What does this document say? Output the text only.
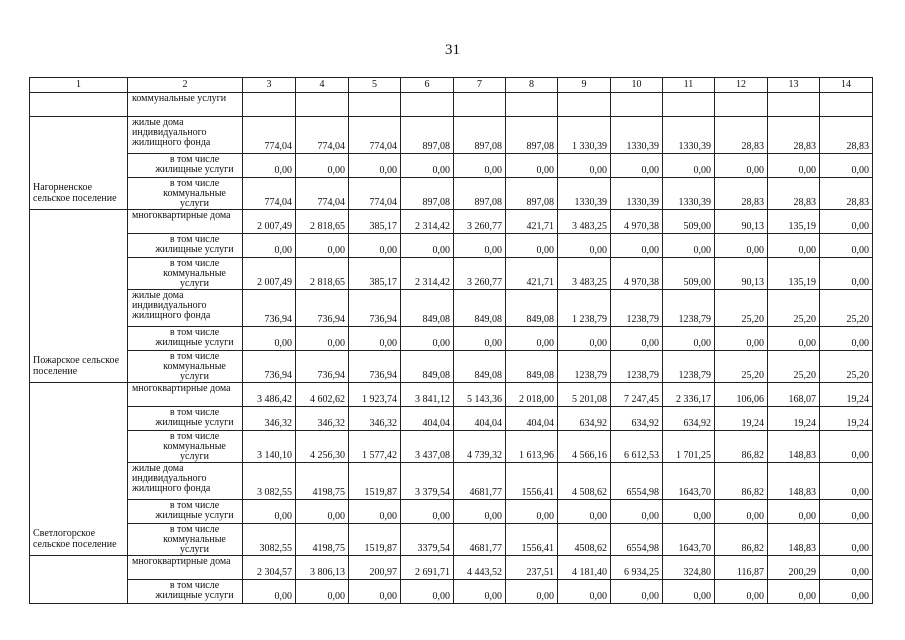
31
1	2	3	4	5	6	7	8	9	10	11	12	13	14
	коммунальные услуги												
Нагорненское сельское поселение	жилые дома индивидуального жилищного фонда	774,04	774,04	774,04	897,08	897,08	897,08	1 330,39	1330,39	1330,39	28,83	28,83	28,83
	в том числе жилищные услуги	0,00	0,00	0,00	0,00	0,00	0,00	0,00	0,00	0,00	0,00	0,00	0,00
	в том числе коммунальные услуги	774,04	774,04	774,04	897,08	897,08	897,08	1330,39	1330,39	1330,39	28,83	28,83	28,83
Пожарское сельское поселение	многоквартирные дома	2 007,49	2 818,65	385,17	2 314,42	3 260,77	421,71	3 483,25	4 970,38	509,00	90,13	135,19	0,00
	в том числе жилищные услуги	0,00	0,00	0,00	0,00	0,00	0,00	0,00	0,00	0,00	0,00	0,00	0,00
	в том числе коммунальные услуги	2 007,49	2 818,65	385,17	2 314,42	3 260,77	421,71	3 483,25	4 970,38	509,00	90,13	135,19	0,00
	жилые дома индивидуального жилищного фонда	736,94	736,94	736,94	849,08	849,08	849,08	1 238,79	1238,79	1238,79	25,20	25,20	25,20
	в том числе жилищные услуги	0,00	0,00	0,00	0,00	0,00	0,00	0,00	0,00	0,00	0,00	0,00	0,00
	в том числе коммунальные услуги	736,94	736,94	736,94	849,08	849,08	849,08	1238,79	1238,79	1238,79	25,20	25,20	25,20
Светлогорское сельское поселение	многоквартирные дома	3 486,42	4 602,62	1 923,74	3 841,12	5 143,36	2 018,00	5 201,08	7 247,45	2 336,17	106,06	168,07	19,24
	в том числе жилищные услуги	346,32	346,32	346,32	404,04	404,04	404,04	634,92	634,92	634,92	19,24	19,24	19,24
	в том числе коммунальные услуги	3 140,10	4 256,30	1 577,42	3 437,08	4 739,32	1 613,96	4 566,16	6 612,53	1 701,25	86,82	148,83	0,00
	жилые дома индивидуального жилищного фонда	3 082,55	4198,75	1519,87	3 379,54	4681,77	1556,41	4 508,62	6554,98	1643,70	86,82	148,83	0,00
	в том числе жилищные услуги	0,00	0,00	0,00	0,00	0,00	0,00	0,00	0,00	0,00	0,00	0,00	0,00
	в том числе коммунальные услуги	3082,55	4198,75	1519,87	3379,54	4681,77	1556,41	4508,62	6554,98	1643,70	86,82	148,83	0,00
	многоквартирные дома	2 304,57	3 806,13	200,97	2 691,71	4 443,52	237,51	4 181,40	6 934,25	324,80	116,87	200,29	0,00
	в том числе жилищные услуги	0,00	0,00	0,00	0,00	0,00	0,00	0,00	0,00	0,00	0,00	0,00	0,00
